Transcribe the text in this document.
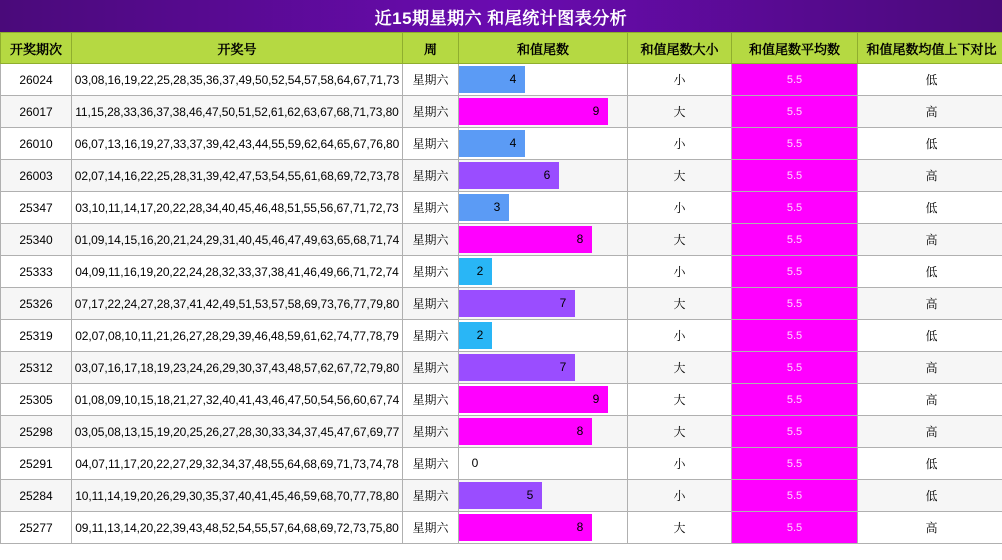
近15期星期六 和尾统计图表分析
开奖期次	开奖号	周	和值尾数	和值尾数大小	和值尾数平均数	和值尾数均值上下对比
26024	03,08,16,19,22,25,28,35,36,37,49,50,52,54,57,58,64,67,71,73	星期六	4	小	5.5	低
26017	11,15,28,33,36,37,38,46,47,50,51,52,61,62,63,67,68,71,73,80	星期六	9	大	5.5	高
26010	06,07,13,16,19,27,33,37,39,42,43,44,55,59,62,64,65,67,76,80	星期六	4	小	5.5	低
26003	02,07,14,16,22,25,28,31,39,42,47,53,54,55,61,68,69,72,73,78	星期六	6	大	5.5	高
25347	03,10,11,14,17,20,22,28,34,40,45,46,48,51,55,56,67,71,72,73	星期六	3	小	5.5	低
25340	01,09,14,15,16,20,21,24,29,31,40,45,46,47,49,63,65,68,71,74	星期六	8	大	5.5	高
25333	04,09,11,16,19,20,22,24,28,32,33,37,38,41,46,49,66,71,72,74	星期六	2	小	5.5	低
25326	07,17,22,24,27,28,37,41,42,49,51,53,57,58,69,73,76,77,79,80	星期六	7	大	5.5	高
25319	02,07,08,10,11,21,26,27,28,29,39,46,48,59,61,62,74,77,78,79	星期六	2	小	5.5	低
25312	03,07,16,17,18,19,23,24,26,29,30,37,43,48,57,62,67,72,79,80	星期六	7	大	5.5	高
25305	01,08,09,10,15,18,21,27,32,40,41,43,46,47,50,54,56,60,67,74	星期六	9	大	5.5	高
25298	03,05,08,13,15,19,20,25,26,27,28,30,33,34,37,45,47,67,69,77	星期六	8	大	5.5	高
25291	04,07,11,17,20,22,27,29,32,34,37,48,55,64,68,69,71,73,74,78	星期六	0	小	5.5	低
25284	10,11,14,19,20,26,29,30,35,37,40,41,45,46,59,68,70,77,78,80	星期六	5	小	5.5	低
25277	09,11,13,14,20,22,39,43,48,52,54,55,57,64,68,69,72,73,75,80	星期六	8	大	5.5	高
